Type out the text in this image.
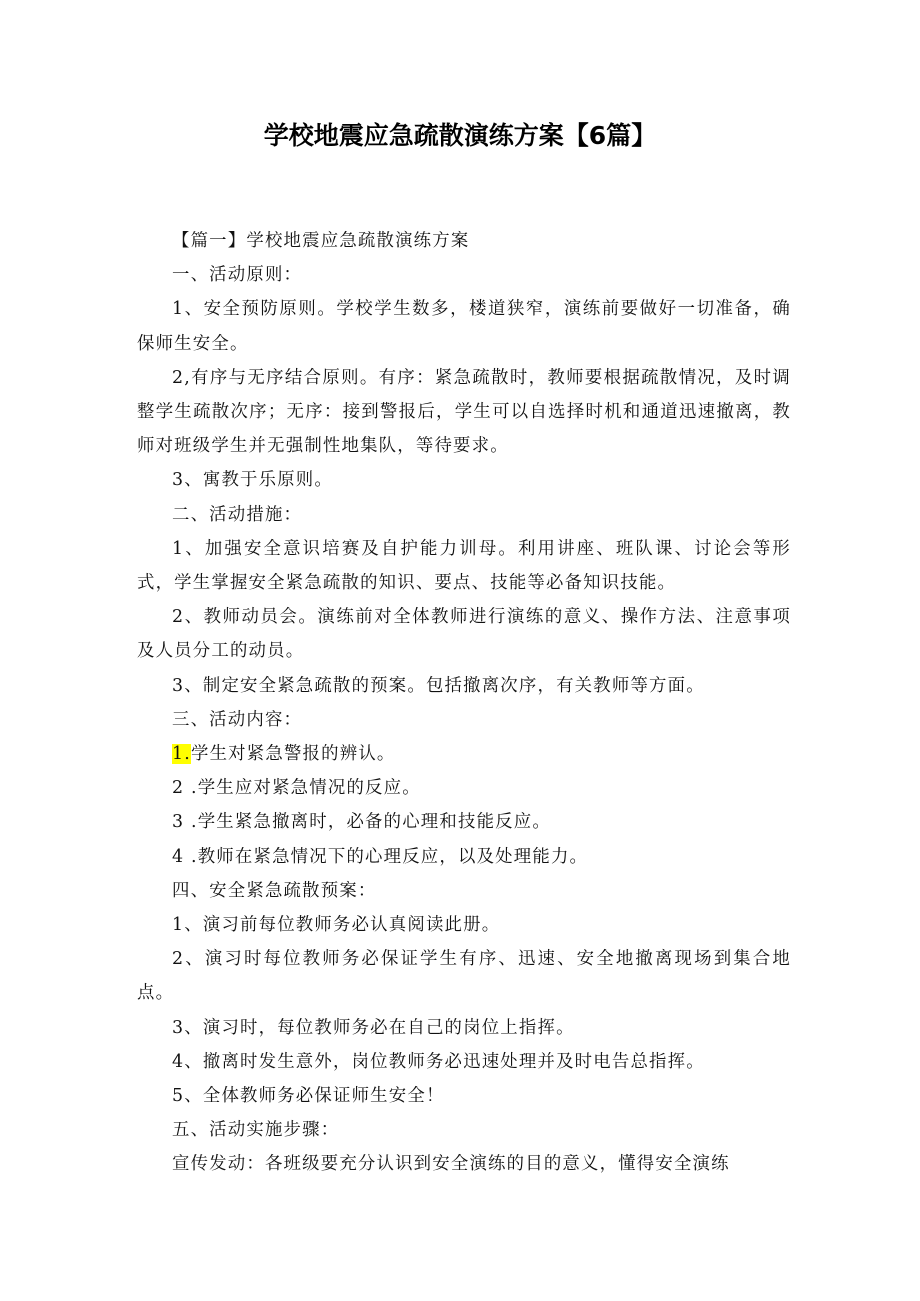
学校地震应急疏散演练方案【6篇】

【篇一】学校地震应急疏散演练方案

一、活动原则：

1、安全预防原则。学校学生数多，楼道狭窄，演练前要做好一切准备，确保师生安全。

2,有序与无序结合原则。有序：紧急疏散时，教师要根据疏散情况，及时调整学生疏散次序；无序：接到警报后，学生可以自选择时机和通道迅速撤离，教师对班级学生并无强制性地集队，等待要求。

3、寓教于乐原则。

二、活动措施：

1、加强安全意识培赛及自护能力训母。利用讲座、班队课、讨论会等形式，学生掌握安全紧急疏散的知识、要点、技能等必备知识技能。

2、教师动员会。演练前对全体教师进行演练的意义、操作方法、注意事项及人员分工的动员。

3、制定安全紧急疏散的预案。包括撤离次序，有关教师等方面。

三、活动内容：

1.学生对紧急警报的辨认。

2 .学生应对紧急情况的反应。

3 .学生紧急撤离时，必备的心理和技能反应。

4 .教师在紧急情况下的心理反应，以及处理能力。

四、安全紧急疏散预案：

1、演习前每位教师务必认真阅读此册。

2、演习时每位教师务必保证学生有序、迅速、安全地撤离现场到集合地点。

3、演习时，每位教师务必在自己的岗位上指挥。

4、撤离时发生意外，岗位教师务必迅速处理并及时电告总指挥。

5、全体教师务必保证师生安全！

五、活动实施步骤：

宣传发动：各班级要充分认识到安全演练的目的意义，懂得安全演练
